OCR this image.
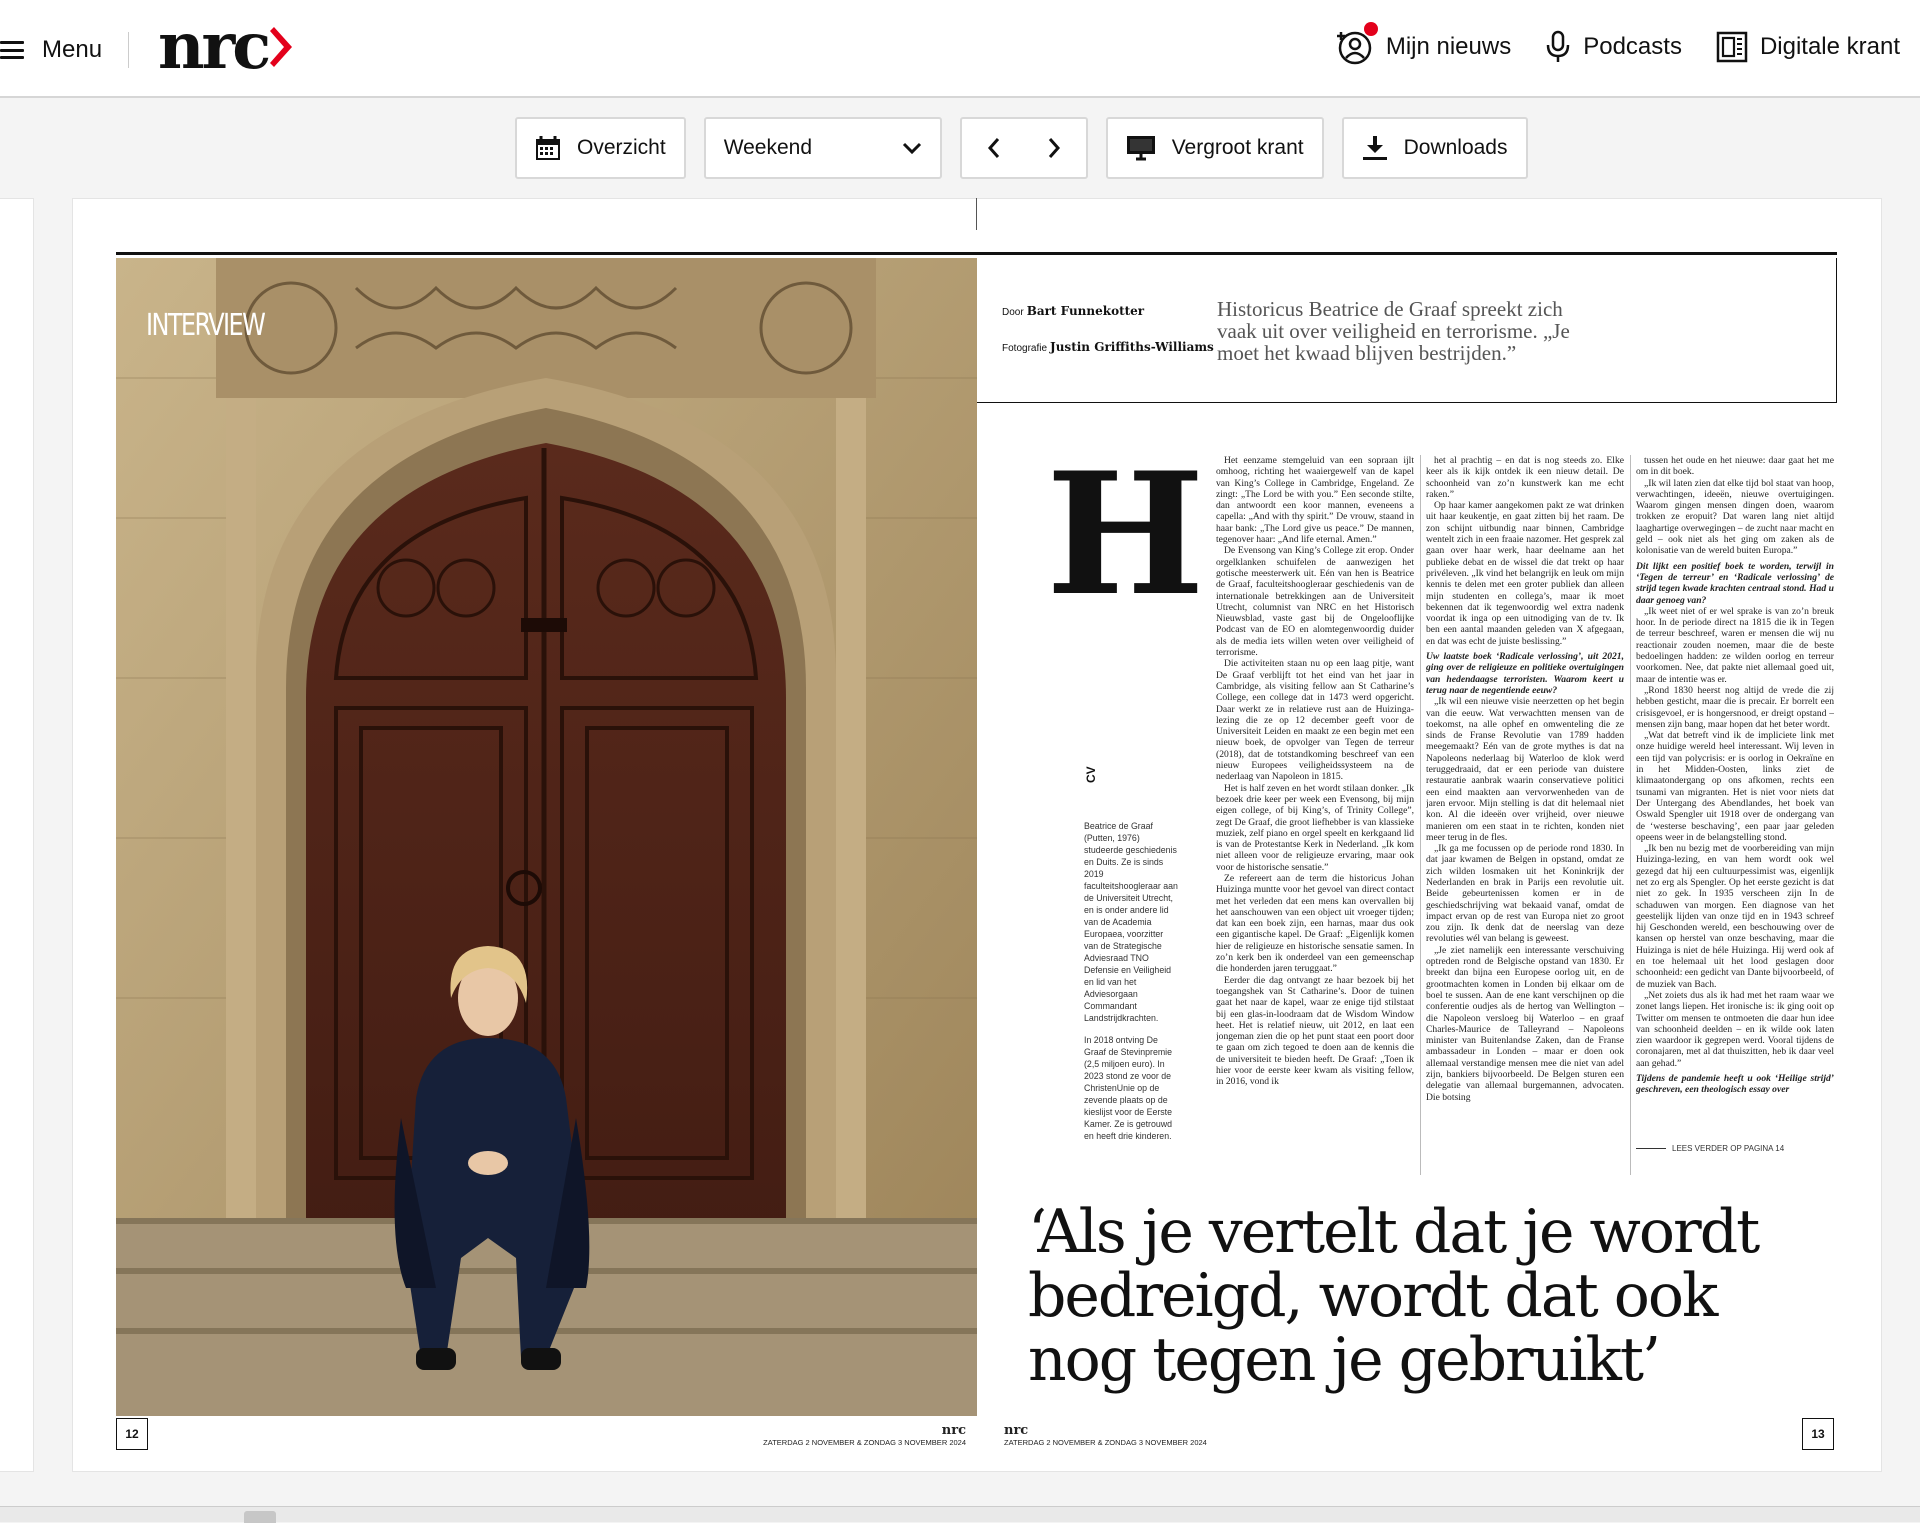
Menu nrc	Mijn nieuws	Podcasts	Digitale krant
Overzicht	Weekend	Vergroot krant	Downloads
INTERVIEW	Door Bart Funnekotter
Fotografie Justin Griffiths-Williams
Historicus Beatrice de Graaf spreekt zich vaak uit over veiligheid en terrorisme. „Je moet het kwaad blijven bestrijden.”
H
CV

Beatrice de Graaf (Putten, 1976) studeerde geschiedenis en Duits. Ze is sinds 2019 faculteitshoogleraar aan de Universiteit Utrecht, en is onder andere lid van de Academia Europaea, voorzitter van de Strategische Adviesraad TNO Defensie en Veiligheid en lid van het Adviesorgaan Commandant Landstrijdkrachten.

In 2018 ontving De Graaf de Stevinpremie (2,5 miljoen euro). In 2023 stond ze voor de ChristenUnie op de zevende plaats op de kieslijst voor de Eerste Kamer. Ze is getrouwd en heeft drie kinderen.

Het eenzame stemgeluid van een sopraan ijlt omhoog, richting het waaiergewelf van de kapel van King’s College in Cambridge, Engeland. Ze zingt: „The Lord be with you.” Een seconde stilte, dan antwoordt een koor mannen, eveneens a capella: „And with thy spirit.” De vrouw, staand in haar bank: „The Lord give us peace.” De mannen, tegenover haar: „And life eternal. Amen.”

De Evensong van King’s College zit erop. Onder orgelklanken schuifelen de aanwezigen het gotische meesterwerk uit. Eén van hen is Beatrice de Graaf, faculteitshoogleraar geschiedenis van de internationale betrekkingen aan de Universiteit Utrecht, columnist van NRC en het Historisch Nieuwsblad, vaste gast bij de Ongelooflijke Podcast van de EO en alomtegenwoordig duider als de media iets willen weten over veiligheid of terrorisme.

Die activiteiten staan nu op een laag pitje, want De Graaf verblijft tot het eind van het jaar in Cambridge, als visiting fellow aan St Catharine’s College, een college dat in 1473 werd opgericht. Daar werkt ze in relatieve rust aan de Huizinga-lezing die ze op 12 december geeft voor de Universiteit Leiden en maakt ze een begin met een nieuw boek, de opvolger van Tegen de terreur (2018), dat de totstandkoming beschreef van een nieuw Europees veiligheidssysteem na de nederlaag van Napoleon in 1815.

Het is half zeven en het wordt stilaan donker. „Ik bezoek drie keer per week een Evensong, bij mijn eigen college, of bij King’s, of Trinity College”, zegt De Graaf, die groot liefhebber is van klassieke muziek, zelf piano en orgel speelt en kerkgaand lid is van de Protestantse Kerk in Nederland. „Ik kom niet alleen voor de religieuze ervaring, maar ook voor de historische sensatie.”

Ze refereert aan de term die historicus Johan Huizinga muntte voor het gevoel van direct contact met het verleden dat een mens kan overvallen bij het aanschouwen van een object uit vroeger tijden; dat kan een boek zijn, een harnas, maar dus ook een gigantische kapel. De Graaf: „Eigenlijk komen hier de religieuze en historische sensatie samen. In zo’n kerk ben ik onderdeel van een gemeenschap die honderden jaren teruggaat.”

Eerder die dag ontvangt ze haar bezoek bij het toegangshek van St Catharine’s. Door de tuinen gaat het naar de kapel, waar ze enige tijd stilstaat bij een glas-in-loodraam dat de Wisdom Window heet. Het is relatief nieuw, uit 2012, en laat een jongeman zien die op het punt staat een poort door te gaan om zich tegoed te doen aan de kennis die de universiteit te bieden heeft. De Graaf: „Toen ik hier voor de eerste keer kwam als visiting fellow, in 2016, vond ik

het al prachtig – en dat is nog steeds zo. Elke keer als ik kijk ontdek ik een nieuw detail. De schoonheid van zo’n kunstwerk kan me echt raken.”

Op haar kamer aangekomen pakt ze wat drinken uit haar keukentje, en gaat zitten bij het raam. De zon schijnt uitbundig naar binnen, Cambridge wentelt zich in een fraaie nazomer. Het gesprek zal gaan over haar werk, haar deelname aan het publieke debat en de wissel die dat trekt op haar privéleven. „Ik vind het belangrijk en leuk om mijn kennis te delen met een groter publiek dan alleen mijn studenten en collega’s, maar ik moet bekennen dat ik tegenwoordig wel extra nadenk voordat ik inga op een uitnodiging van de tv. Ik ben een aantal maanden geleden van X afgegaan, en dat was echt de juiste beslissing.”

Uw laatste boek ‘Radicale verlossing’, uit 2021, ging over de religieuze en politieke overtuigingen van hedendaagse terroristen. Waarom keert u terug naar de negentiende eeuw?

„Ik wil een nieuwe visie neerzetten op het begin van die eeuw. Wat verwachtten mensen van de toekomst, na alle ophef en omwenteling die ze sinds de Franse Revolutie van 1789 hadden meegemaakt? Eén van de grote mythes is dat na Napoleons nederlaag bij Waterloo de klok werd teruggedraaid, dat er een periode van duistere restauratie aanbrak waarin conservatieve politici een eind maakten aan vervorwenheden van de jaren ervoor. Mijn stelling is dat dit helemaal niet kon. Al die ideeën over vrijheid, over nieuwe manieren om een staat in te richten, konden niet meer terug in de fles.

„Ik ga me focussen op de periode rond 1830. In dat jaar kwamen de Belgen in opstand, omdat ze zich wilden losmaken uit het Koninkrijk der Nederlanden en brak in Parijs een revolutie uit. Beide gebeurtenissen komen er in de geschiedschrijving wat bekaaid vanaf, omdat de impact ervan op de rest van Europa niet zo groot zou zijn. Ik denk dat de neerslag van deze revoluties wél van belang is geweest.

„Je ziet namelijk een interessante verschuiving optreden rond de Belgische opstand van 1830. Er breekt dan bijna een Europese oorlog uit, en de grootmachten komen in Londen bij elkaar om de boel te sussen. Aan de ene kant verschijnen op die conferentie oudjes als de hertog van Wellington – die Napoleon versloeg bij Waterloo – en graaf Charles-Maurice de Talleyrand – Napoleons minister van Buitenlandse Zaken, dan de Franse ambassadeur in Londen – maar er doen ook allemaal verstandige mensen mee die niet van adel zijn, bankiers bijvoorbeeld. De Belgen sturen een delegatie van allemaal burgemannen, advocaten. Die botsing

tussen het oude en het nieuwe: daar gaat het me om in dit boek.

„Ik wil laten zien dat elke tijd bol staat van hoop, verwachtingen, ideeën, nieuwe overtuigingen. Waarom gingen mensen dingen doen, waarom trokken ze eropuit? Dat waren lang niet altijd laaghartige overwegingen – de zucht naar macht en geld – ook niet als het ging om zaken als de kolonisatie van de wereld buiten Europa.”

Dit lijkt een positief boek te worden, terwijl in ‘Tegen de terreur’ en ‘Radicale verlossing’ de strijd tegen kwade krachten centraal stond. Had u daar genoeg van?

„Ik weet niet of er wel sprake is van zo’n breuk hoor. In de periode direct na 1815 die ik in Tegen de terreur beschreef, waren er mensen die wij nu reactionair zouden noemen, maar die de beste bedoelingen hadden: ze wilden oorlog en terreur voorkomen. Nee, dat pakte niet allemaal goed uit, maar de intentie was er.

„Rond 1830 heerst nog altijd de vrede die zij hebben gesticht, maar die is precair. Er borrelt een crisisgevoel, er is hongersnood, er dreigt opstand – mensen zijn bang, maar hopen dat het beter wordt.

„Wat dat betreft vind ik de impliciete link met onze huidige wereld heel interessant. Wij leven in een tijd van polycrisis: er is oorlog in Oekraïne en in het Midden-Oosten, links ziet de klimaatondergang op ons afkomen, rechts een tsunami van migranten. Het is niet voor niets dat Der Untergang des Abendlandes, het boek van Oswald Spengler uit 1918 over de ondergang van de ‘westerse beschaving’, een paar jaar geleden opeens weer in de belangstelling stond.

„Ik ben nu bezig met de voorbereiding van mijn Huizinga-lezing, en van hem wordt ook wel gezegd dat hij een cultuurpessimist was, eigenlijk net zo erg als Spengler. Op het eerste gezicht is dat niet zo gek. In 1935 verscheen zijn In de schaduwen van morgen. Een diagnose van het geestelijk lijden van onze tijd en in 1943 schreef hij Geschonden wereld, een beschouwing over de kansen op herstel van onze beschaving, maar die Huizinga is niet de héle Huizinga. Hij werd ook af en toe helemaal uit het lood geslagen door schoonheid: een gedicht van Dante bijvoorbeeld, of de muziek van Bach.

„Net zoiets dus als ik had met het raam waar we zonet langs liepen. Het ironische is: ik ging ooit op Twitter om mensen te ontmoeten die daar hun idee van schoonheid deelden – en ik wilde ook laten zien waardoor ik gegrepen werd. Vooral tijdens de coronajaren, met al dat thuiszitten, heb ik daar veel aan gehad.”

Tijdens de pandemie heeft u ook ‘Heilige strijd’ geschreven, een theologisch essay over

LEES VERDER OP PAGINA 14
‘Als je vertelt dat je wordt bedreigd, wordt dat ook nog tegen je gebruikt’
12	13
nrc
ZATERDAG 2 NOVEMBER & ZONDAG 3 NOVEMBER 2024
nrc
ZATERDAG 2 NOVEMBER & ZONDAG 3 NOVEMBER 2024
